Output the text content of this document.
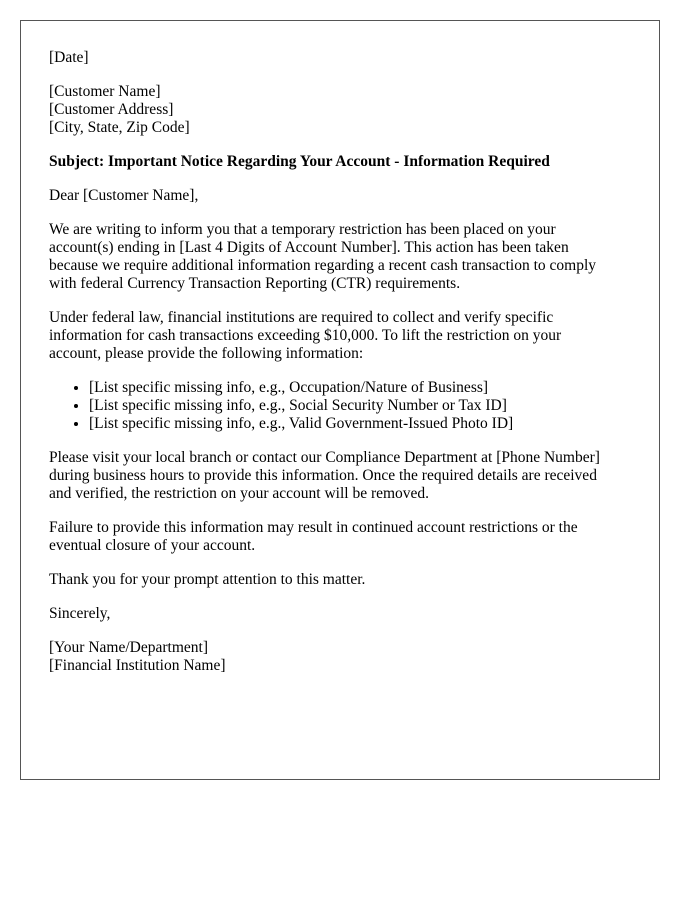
[Date]
[Customer Name]
[Customer Address]
[City, State, Zip Code]
Subject: Important Notice Regarding Your Account - Information Required
Dear [Customer Name],
We are writing to inform you that a temporary restriction has been placed on your
account(s) ending in [Last 4 Digits of Account Number]. This action has been taken
because we require additional information regarding a recent cash transaction to comply
with federal Currency Transaction Reporting (CTR) requirements.
Under federal law, financial institutions are required to collect and verify specific
information for cash transactions exceeding $10,000. To lift the restriction on your
account, please provide the following information:
• [List specific missing info, e.g., Occupation/Nature of Business]
• [List specific missing info, e.g., Social Security Number or Tax ID]
• [List specific missing info, e.g., Valid Government-Issued Photo ID]
Please visit your local branch or contact our Compliance Department at [Phone Number]
during business hours to provide this information. Once the required details are received
and verified, the restriction on your account will be removed.
Failure to provide this information may result in continued account restrictions or the
eventual closure of your account.
Thank you for your prompt attention to this matter.
Sincerely,
[Your Name/Department]
[Financial Institution Name]
